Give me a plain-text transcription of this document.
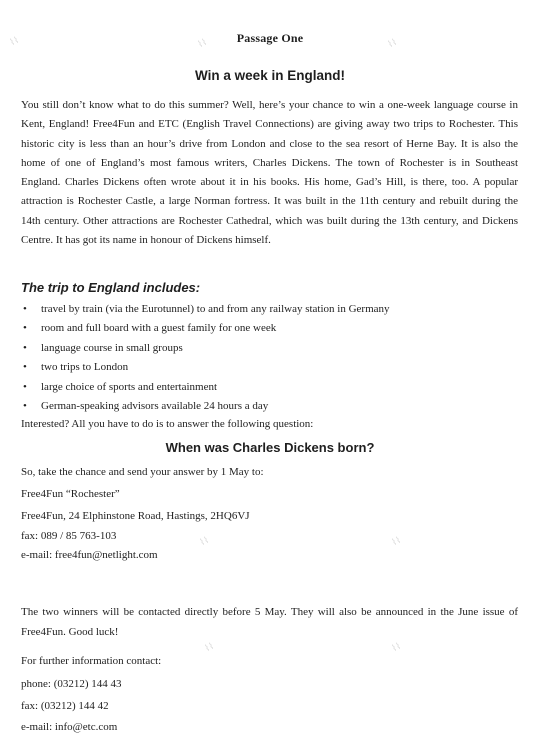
Passage One
Win a week in England!

You still don’t know what to do this summer? Well, here’s your chance to win a one-week language course in Kent, England! Free4Fun and ETC (English Travel Connections) are giving away two trips to Rochester. This historic city is less than an hour’s drive from London and close to the sea resort of Herne Bay. It is also the home of one of England’s most famous writers, Charles Dickens. The town of Rochester is in Southeast England. Charles Dickens often wrote about it in his books. His home, Gad’s Hill, is there, too. A popular attraction is Rochester Castle, a large Norman fortress. It was built in the 11th century and rebuilt during the 14th century. Other attractions are Rochester Cathedral, which was built during the 13th century, and Dickens Centre. It has got its name in honour of Dickens himself.

The trip to England includes:
• travel by train (via the Eurotunnel) to and from any railway station in Germany
• room and full board with a guest family for one week
• language course in small groups
• two trips to London
• large choice of sports and entertainment
• German-speaking advisors available 24 hours a day
Interested? All you have to do is to answer the following question:
When was Charles Dickens born?
So, take the chance and send your answer by 1 May to:
Free4Fun “Rochester”
Free4Fun, 24 Elphinstone Road, Hastings, 2HQ6VJ
fax: 089 / 85 763-103
e-mail: free4fun@netlight.com

The two winners will be contacted directly before 5 May. They will also be announced in the June issue of Free4Fun. Good luck!

For further information contact:
phone: (03212) 144 43
fax: (03212) 144 42
e-mail: info@etc.com
⌇⌇	⌇⌇	⌇⌇
⌇⌇	⌇⌇
⌇⌇	⌇⌇
